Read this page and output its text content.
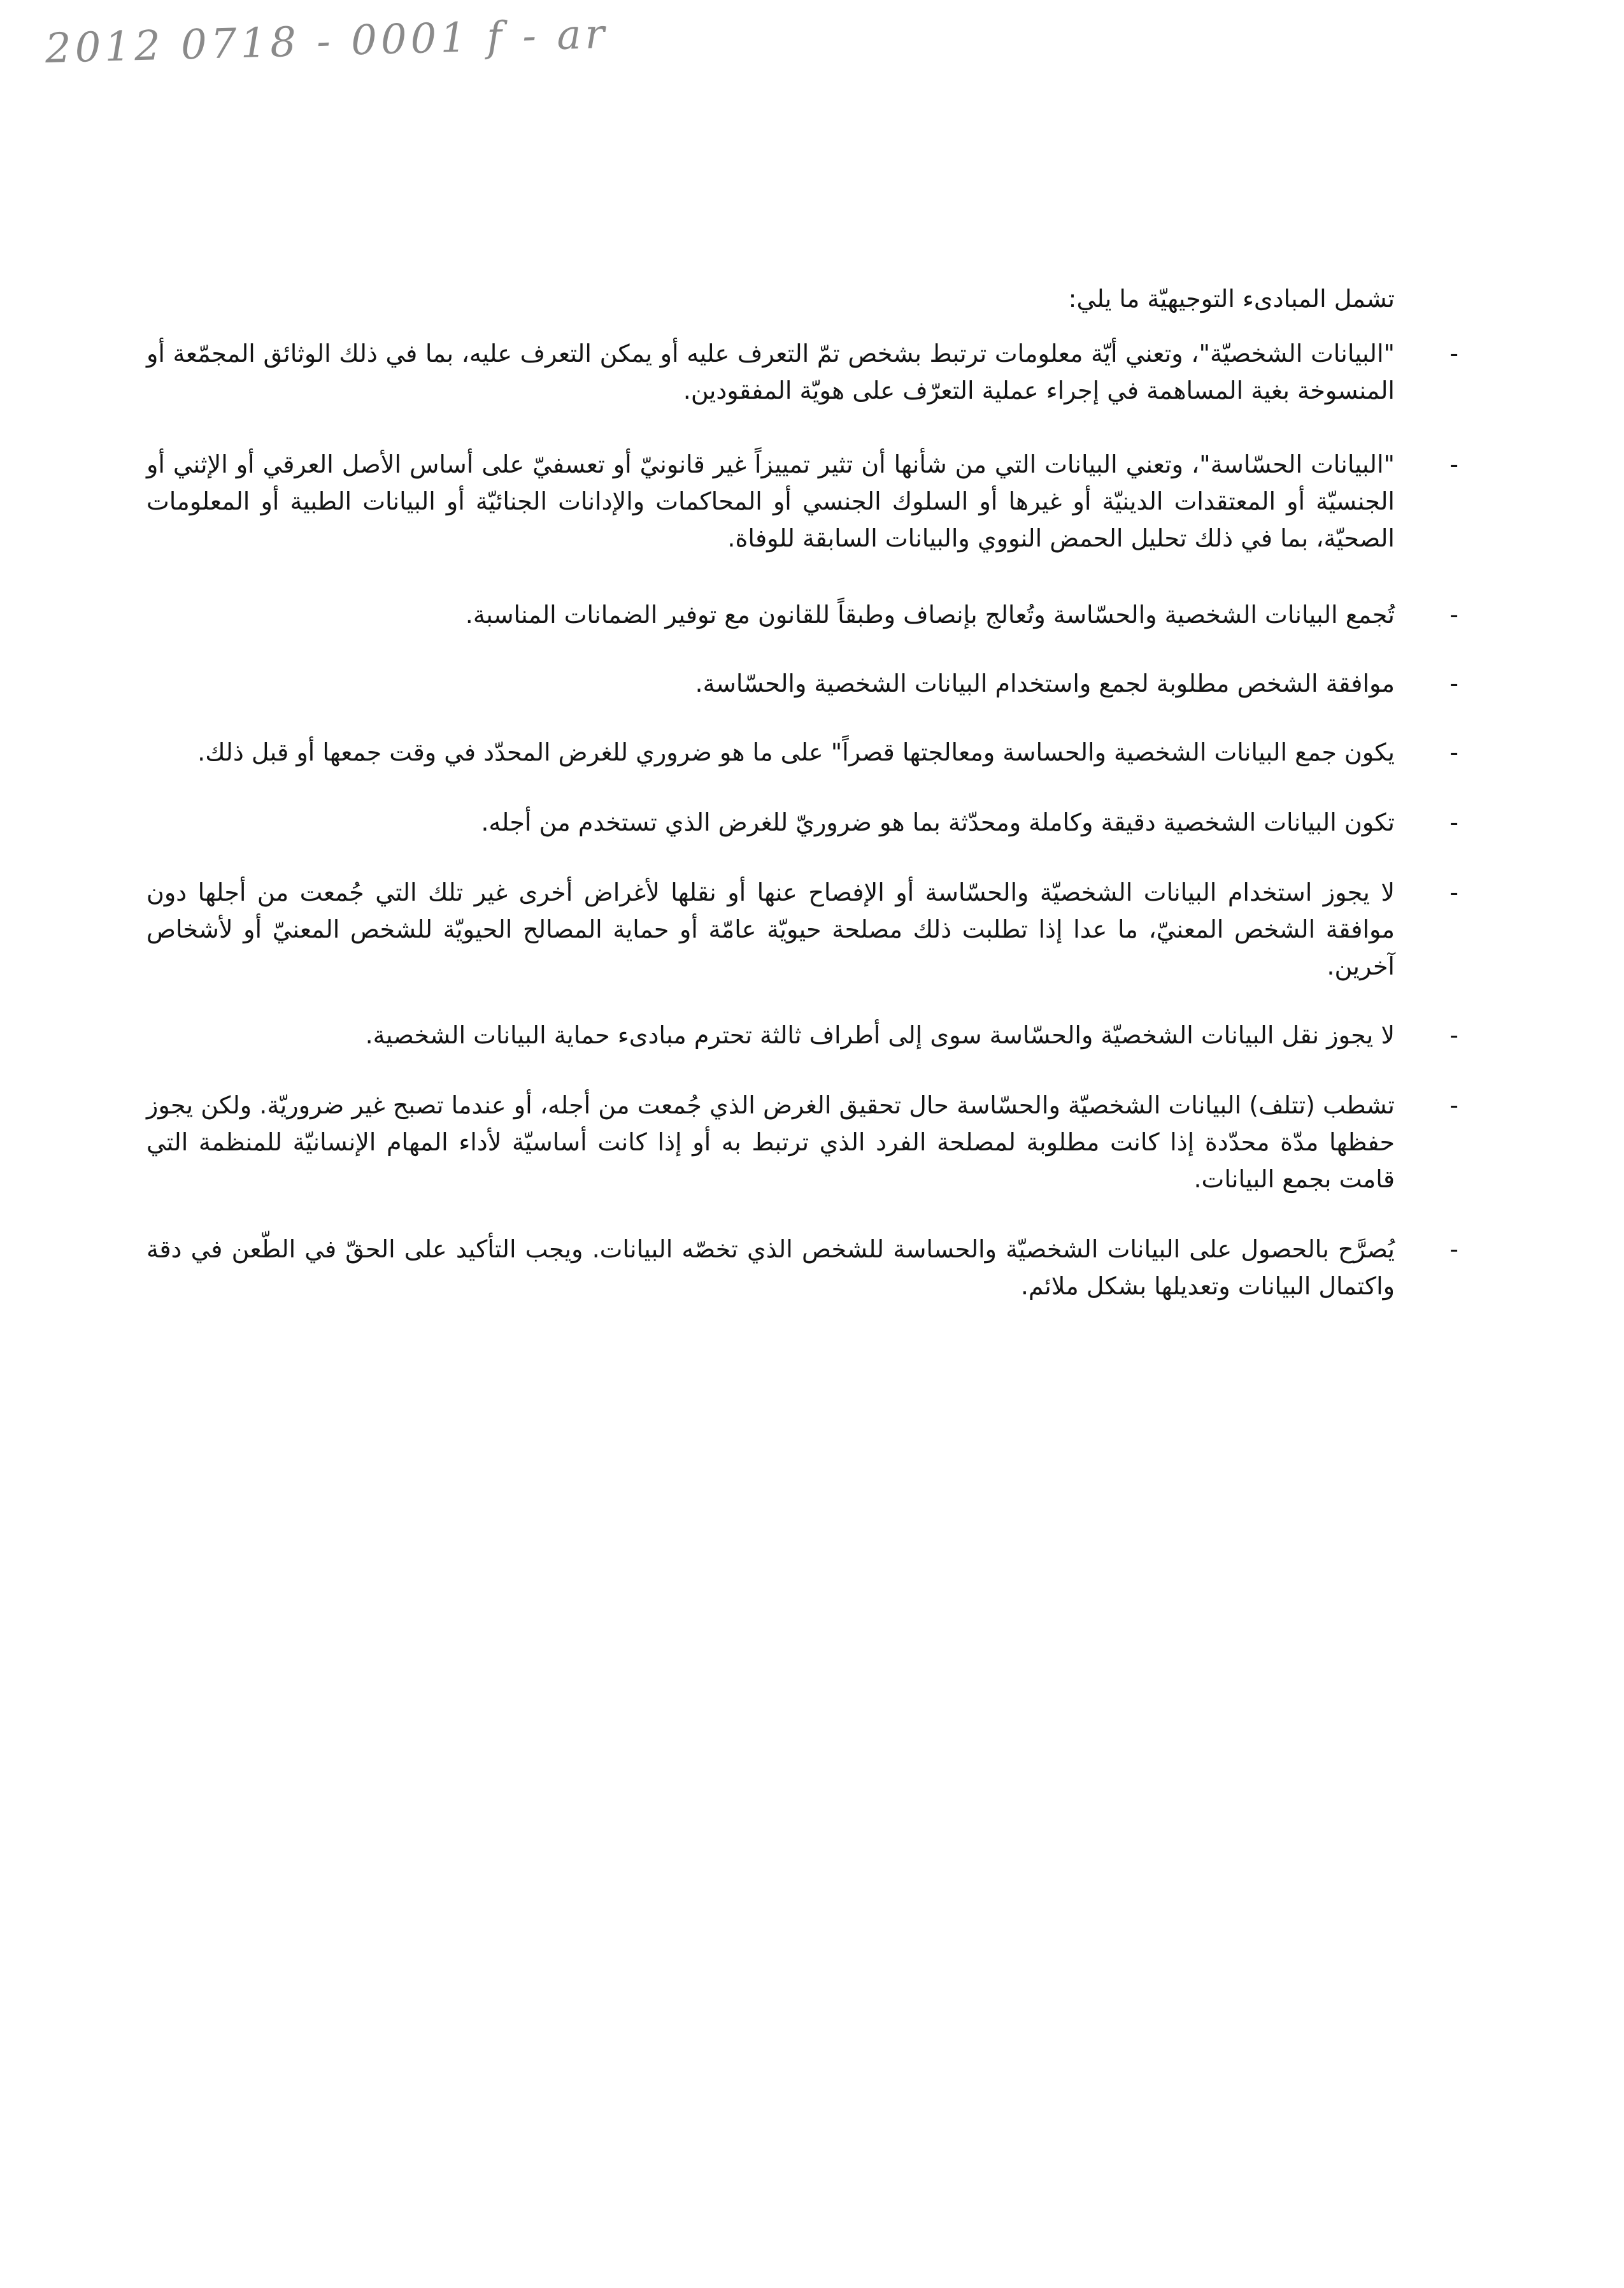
2012 0718 - 0001 f - ar

تشمل المبادىء التوجيهيّة ما يلي:

-
"البيانات الشخصيّة"، وتعني أيّة معلومات ترتبط بشخص تمّ التعرف عليه أو يمكن التعرف عليه، بما في ذلك الوثائق المجمّعة أو المنسوخة بغية المساهمة في إجراء عملية التعرّف على هويّة المفقودين.
-
"البيانات الحسّاسة"، وتعني البيانات التي من شأنها أن تثير تمييزاً غير قانونيّ أو تعسفيّ على أساس الأصل العرقي أو الإثني أو الجنسيّة أو المعتقدات الدينيّة أو غيرها أو السلوك الجنسي أو المحاكمات والإدانات الجنائيّة أو البيانات الطبية أو المعلومات الصحيّة، بما في ذلك تحليل الحمض النووي والبيانات السابقة للوفاة.
-
تُجمع البيانات الشخصية والحسّاسة وتُعالج بإنصاف وطبقاً للقانون مع توفير الضمانات المناسبة.
-
موافقة الشخص مطلوبة لجمع واستخدام البيانات الشخصية والحسّاسة.
-
يكون جمع البيانات الشخصية والحساسة ومعالجتها قصراً" على ما هو ضروري للغرض المحدّد في وقت جمعها أو قبل ذلك.
-
تكون البيانات الشخصية دقيقة وكاملة ومحدّثة بما هو ضروريّ للغرض الذي تستخدم من أجله.
-
لا يجوز استخدام البيانات الشخصيّة والحسّاسة أو الإفصاح عنها أو نقلها لأغراض أخرى غير تلك التي جُمعت من أجلها دون موافقة الشخص المعنيّ، ما عدا إذا تطلبت ذلك مصلحة حيويّة عامّة أو حماية المصالح الحيويّة للشخص المعنيّ أو لأشخاص آخرين.
-
لا يجوز نقل البيانات الشخصيّة والحسّاسة سوى إلى أطراف ثالثة تحترم مبادىء حماية البيانات الشخصية.
-
تشطب (تتلف) البيانات الشخصيّة والحسّاسة حال تحقيق الغرض الذي جُمعت من أجله، أو عندما تصبح غير ضروريّة. ولكن يجوز حفظها مدّة محدّدة إذا كانت مطلوبة لمصلحة الفرد الذي ترتبط به أو إذا كانت أساسيّة لأداء المهام الإنسانيّة للمنظمة التي قامت بجمع البيانات.
-
يُصرَّح بالحصول على البيانات الشخصيّة والحساسة للشخص الذي تخصّه البيانات. ويجب التأكيد على الحقّ في الطّعن في دقة واكتمال البيانات وتعديلها بشكل ملائم.
